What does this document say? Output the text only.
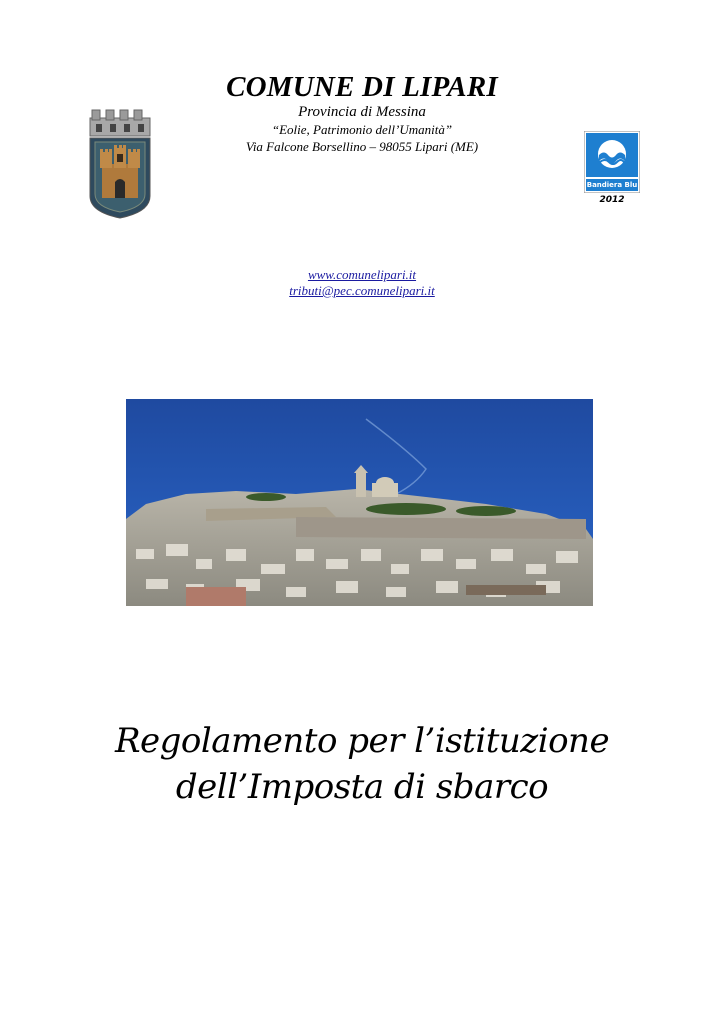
COMUNE DI LIPARI
Provincia di Messina
“Eolie, Patrimonio dell’Umanità”
Via Falcone Borsellino – 98055 Lipari (ME)
Bandiera Blu
2012
www.comunelipari.it
tributi@pec.comunelipari.it
Regolamento per l’istituzione
dell’Imposta di sbarco
